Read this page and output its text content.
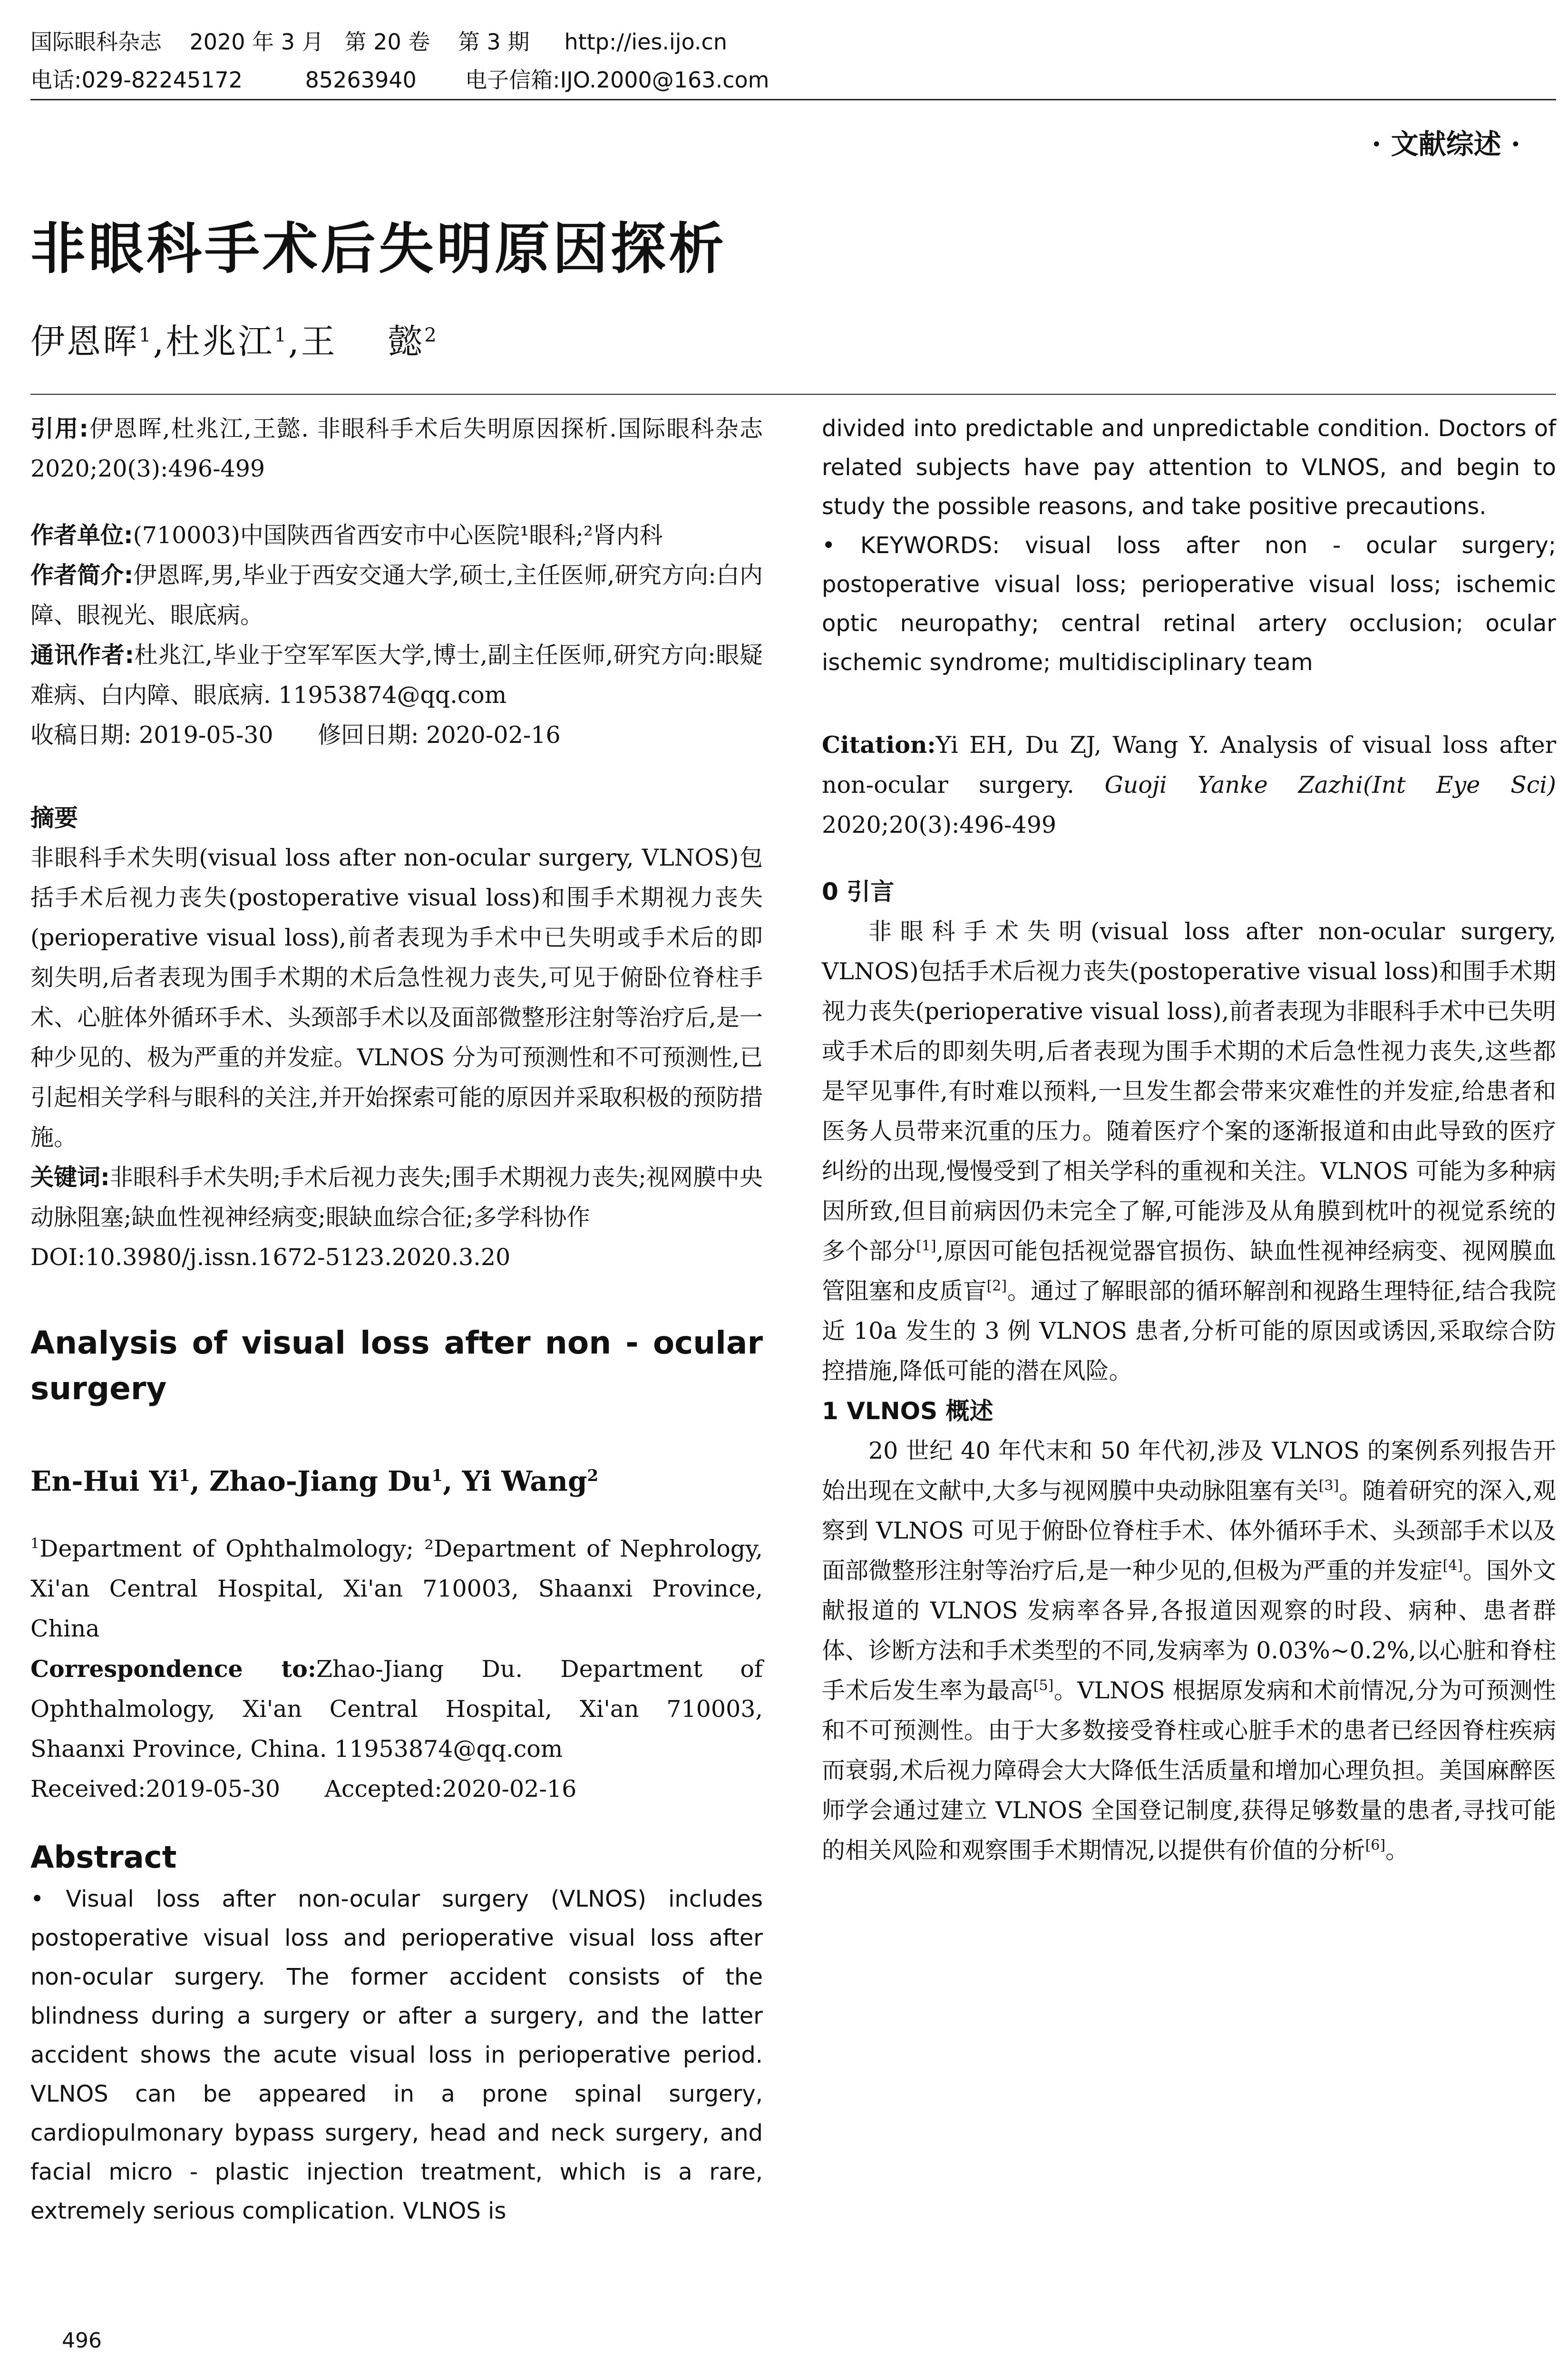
国际眼科杂志    2020 年 3 月   第 20 卷    第 3 期     http://ies.ijo.cn
电话:029-82245172         85263940       电子信箱:IJO.2000@163.com
· 文献综述 ·
非眼科手术后失明原因探析
伊恩晖$^1$,杜兆江$^1$,王    懿$^2$

引用:伊恩晖,杜兆江,王懿. 非眼科手术后失明原因探析.国际眼科杂志 2020;20(3):496-499

作者单位:(710003)中国陕西省西安市中心医院¹眼科;²肾内科

作者简介:伊恩晖,男,毕业于西安交通大学,硕士,主任医师,研究方向:白内障、眼视光、眼底病。

通讯作者:杜兆江,毕业于空军军医大学,博士,副主任医师,研究方向:眼疑难病、白内障、眼底病. 11953874@qq.com

收稿日期: 2019-05-30      修回日期: 2020-02-16

摘要

非眼科手术失明(visual loss after non-ocular surgery, VLNOS)包括手术后视力丧失(postoperative visual loss)和围手术期视力丧失(perioperative visual loss),前者表现为手术中已失明或手术后的即刻失明,后者表现为围手术期的术后急性视力丧失,可见于俯卧位脊柱手术、心脏体外循环手术、头颈部手术以及面部微整形注射等治疗后,是一种少见的、极为严重的并发症。VLNOS 分为可预测性和不可预测性,已引起相关学科与眼科的关注,并开始探索可能的原因并采取积极的预防措施。

关键词:非眼科手术失明;手术后视力丧失;围手术期视力丧失;视网膜中央动脉阻塞;缺血性视神经病变;眼缺血综合征;多学科协作

DOI:10.3980/j.issn.1672-5123.2020.3.20

Analysis of visual loss after non - ocular surgery

En-Hui Yi$^1$, Zhao-Jiang Du$^1$, Yi Wang$^2$

$^1$Department of Ophthalmology; ²Department of Nephrology, Xi'an Central Hospital, Xi'an 710003, Shaanxi Province, China

Correspondence to:Zhao-Jiang Du. Department of Ophthalmology, Xi'an Central Hospital, Xi'an 710003, Shaanxi Province, China. 11953874@qq.com

Received:2019-05-30      Accepted:2020-02-16

Abstract

• Visual loss after non-ocular surgery (VLNOS) includes postoperative visual loss and perioperative visual loss after non-ocular surgery. The former accident consists of the blindness during a surgery or after a surgery, and the latter accident shows the acute visual loss in perioperative period. VLNOS can be appeared in a prone spinal surgery, cardiopulmonary bypass surgery, head and neck surgery, and facial micro - plastic injection treatment, which is a rare, extremely serious complication. VLNOS is

divided into predictable and unpredictable condition. Doctors of related subjects have pay attention to VLNOS, and begin to study the possible reasons, and take positive precautions.

• KEYWORDS: visual loss after non - ocular surgery; postoperative visual loss; perioperative visual loss; ischemic optic neuropathy; central retinal artery occlusion; ocular ischemic syndrome; multidisciplinary team

Citation:Yi EH, Du ZJ, Wang Y. Analysis of visual loss after non-ocular surgery. Guoji Yanke Zazhi(Int Eye Sci) 2020;20(3):496-499

0 引言

非眼科手术失明(visual loss after non-ocular surgery, VLNOS)包括手术后视力丧失(postoperative visual loss)和围手术期视力丧失(perioperative visual loss),前者表现为非眼科手术中已失明或手术后的即刻失明,后者表现为围手术期的术后急性视力丧失,这些都是罕见事件,有时难以预料,一旦发生都会带来灾难性的并发症,给患者和医务人员带来沉重的压力。随着医疗个案的逐渐报道和由此导致的医疗纠纷的出现,慢慢受到了相关学科的重视和关注。VLNOS 可能为多种病因所致,但目前病因仍未完全了解,可能涉及从角膜到枕叶的视觉系统的多个部分[1],原因可能包括视觉器官损伤、缺血性视神经病变、视网膜血管阻塞和皮质盲[2]。通过了解眼部的循环解剖和视路生理特征,结合我院近 10a 发生的 3 例 VLNOS 患者,分析可能的原因或诱因,采取综合防控措施,降低可能的潜在风险。

1 VLNOS 概述

20 世纪 40 年代末和 50 年代初,涉及 VLNOS 的案例系列报告开始出现在文献中,大多与视网膜中央动脉阻塞有关[3]。随着研究的深入,观察到 VLNOS 可见于俯卧位脊柱手术、体外循环手术、头颈部手术以及面部微整形注射等治疗后,是一种少见的,但极为严重的并发症[4]。国外文献报道的 VLNOS 发病率各异,各报道因观察的时段、病种、患者群体、诊断方法和手术类型的不同,发病率为 0.03%~0.2%,以心脏和脊柱手术后发生率为最高[5]。VLNOS 根据原发病和术前情况,分为可预测性和不可预测性。由于大多数接受脊柱或心脏手术的患者已经因脊柱疾病而衰弱,术后视力障碍会大大降低生活质量和增加心理负担。美国麻醉医师学会通过建立 VLNOS 全国登记制度,获得足够数量的患者,寻找可能的相关风险和观察围手术期情况,以提供有价值的分析[6]。

496
